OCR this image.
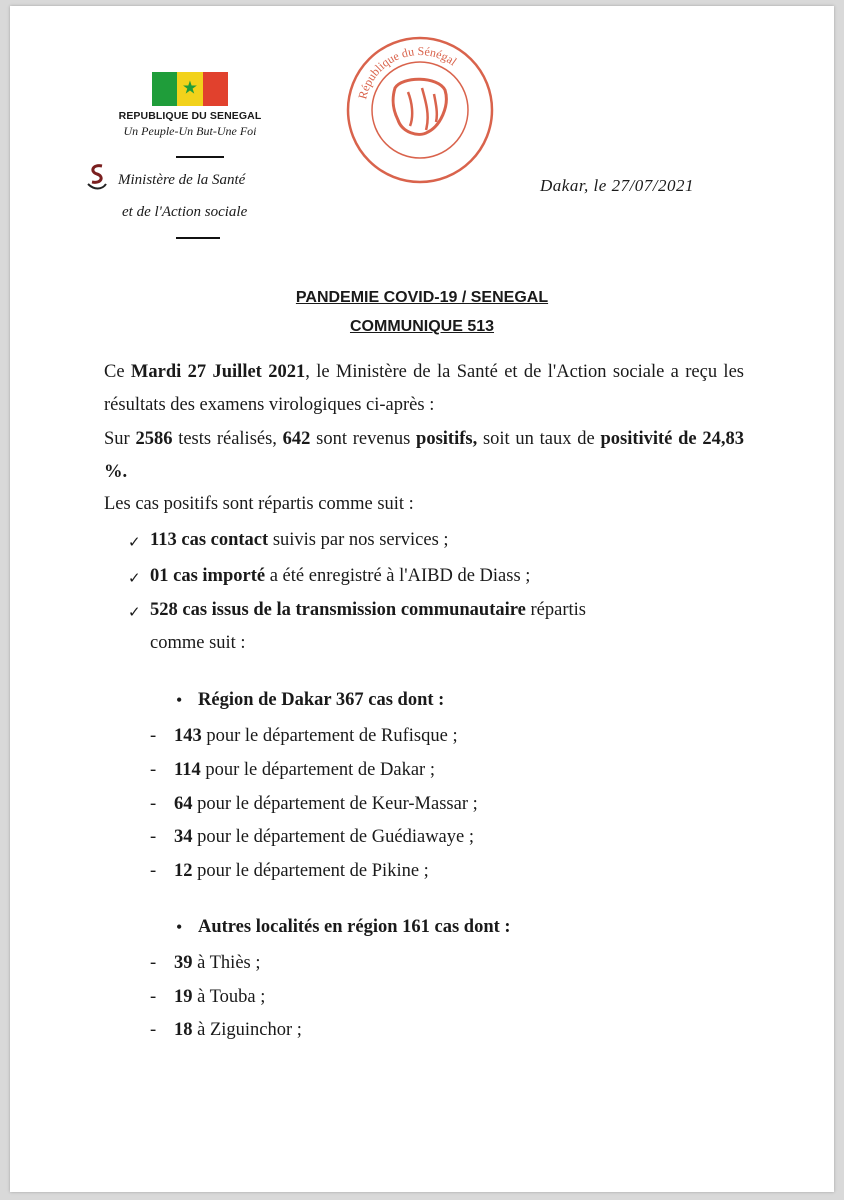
★
REPUBLIQUE DU SENEGAL
Un Peuple-Un But-Une Foi
Ministère de la Santé
et de l'Action sociale
République du Sénégal
Dakar, le 27/07/2021
PANDEMIE COVID-19 / SENEGAL
COMMUNIQUE 513
Ce Mardi 27 Juillet 2021, le Ministère de la Santé et de l'Action sociale a reçu les résultats des examens virologiques ci-après :
Sur 2586 tests réalisés, 642 sont revenus positifs, soit un taux de positivité de 24,83 %.
Les cas positifs sont répartis comme suit :
✓ 113 cas contact suivis par nos services ;
✓ 01 cas importé a été enregistré à l'AIBD de Diass ;
✓ 528 cas issus de la transmission communautaire répartis
comme suit :
• Région de Dakar 367 cas dont :
- 143 pour le département de Rufisque ;
- 114 pour le département de Dakar ;
- 64 pour le département de Keur-Massar ;
- 34 pour le département de Guédiawaye ;
- 12 pour le département de Pikine ;
• Autres localités en région 161 cas dont :
- 39 à Thiès ;
- 19 à Touba ;
- 18 à Ziguinchor ;
